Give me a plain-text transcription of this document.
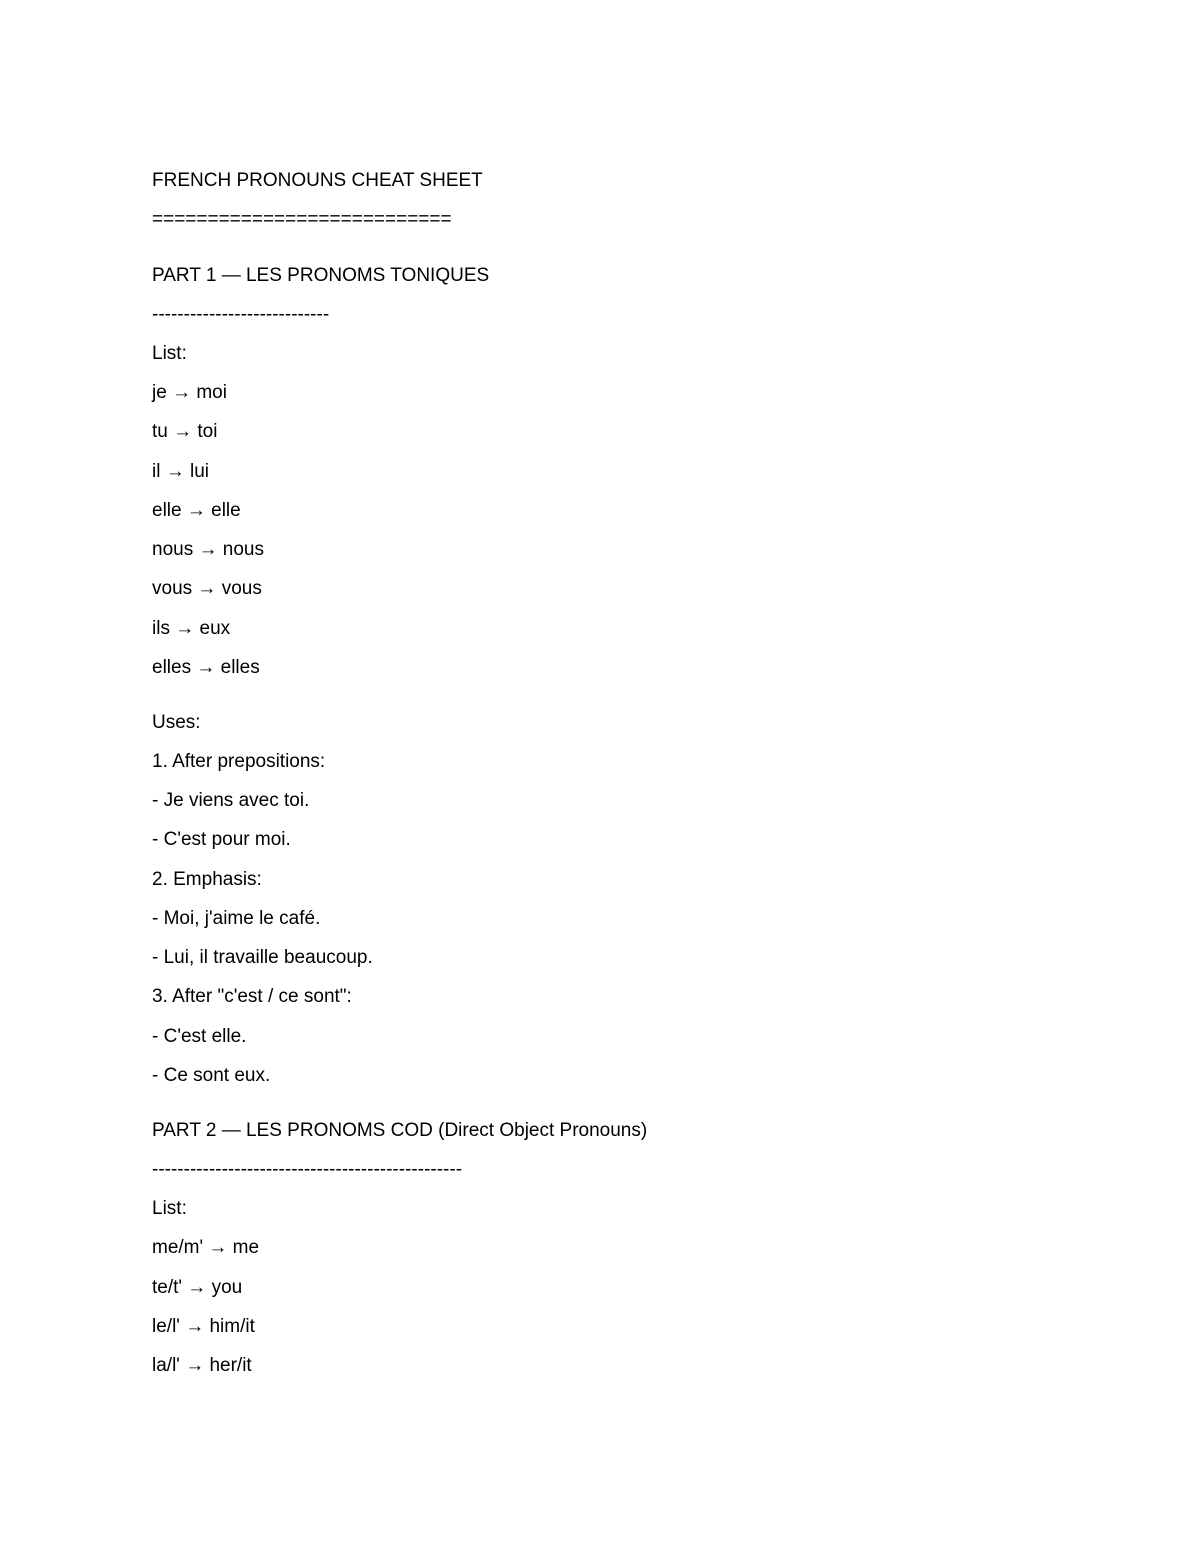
FRENCH PRONOUNS CHEAT SHEET
===========================
PART 1 — LES PRONOMS TONIQUES
----------------------------
List:
je → moi
tu → toi
il → lui
elle → elle
nous → nous
vous → vous
ils → eux
elles → elles
Uses:
1. After prepositions:
- Je viens avec toi.
- C'est pour moi.
2. Emphasis:
- Moi, j'aime le café.
- Lui, il travaille beaucoup.
3. After "c'est / ce sont":
- C'est elle.
- Ce sont eux.
PART 2 — LES PRONOMS COD (Direct Object Pronouns)
-------------------------------------------------
List:
me/m' → me
te/t' → you
le/l' → him/it
la/l' → her/it
